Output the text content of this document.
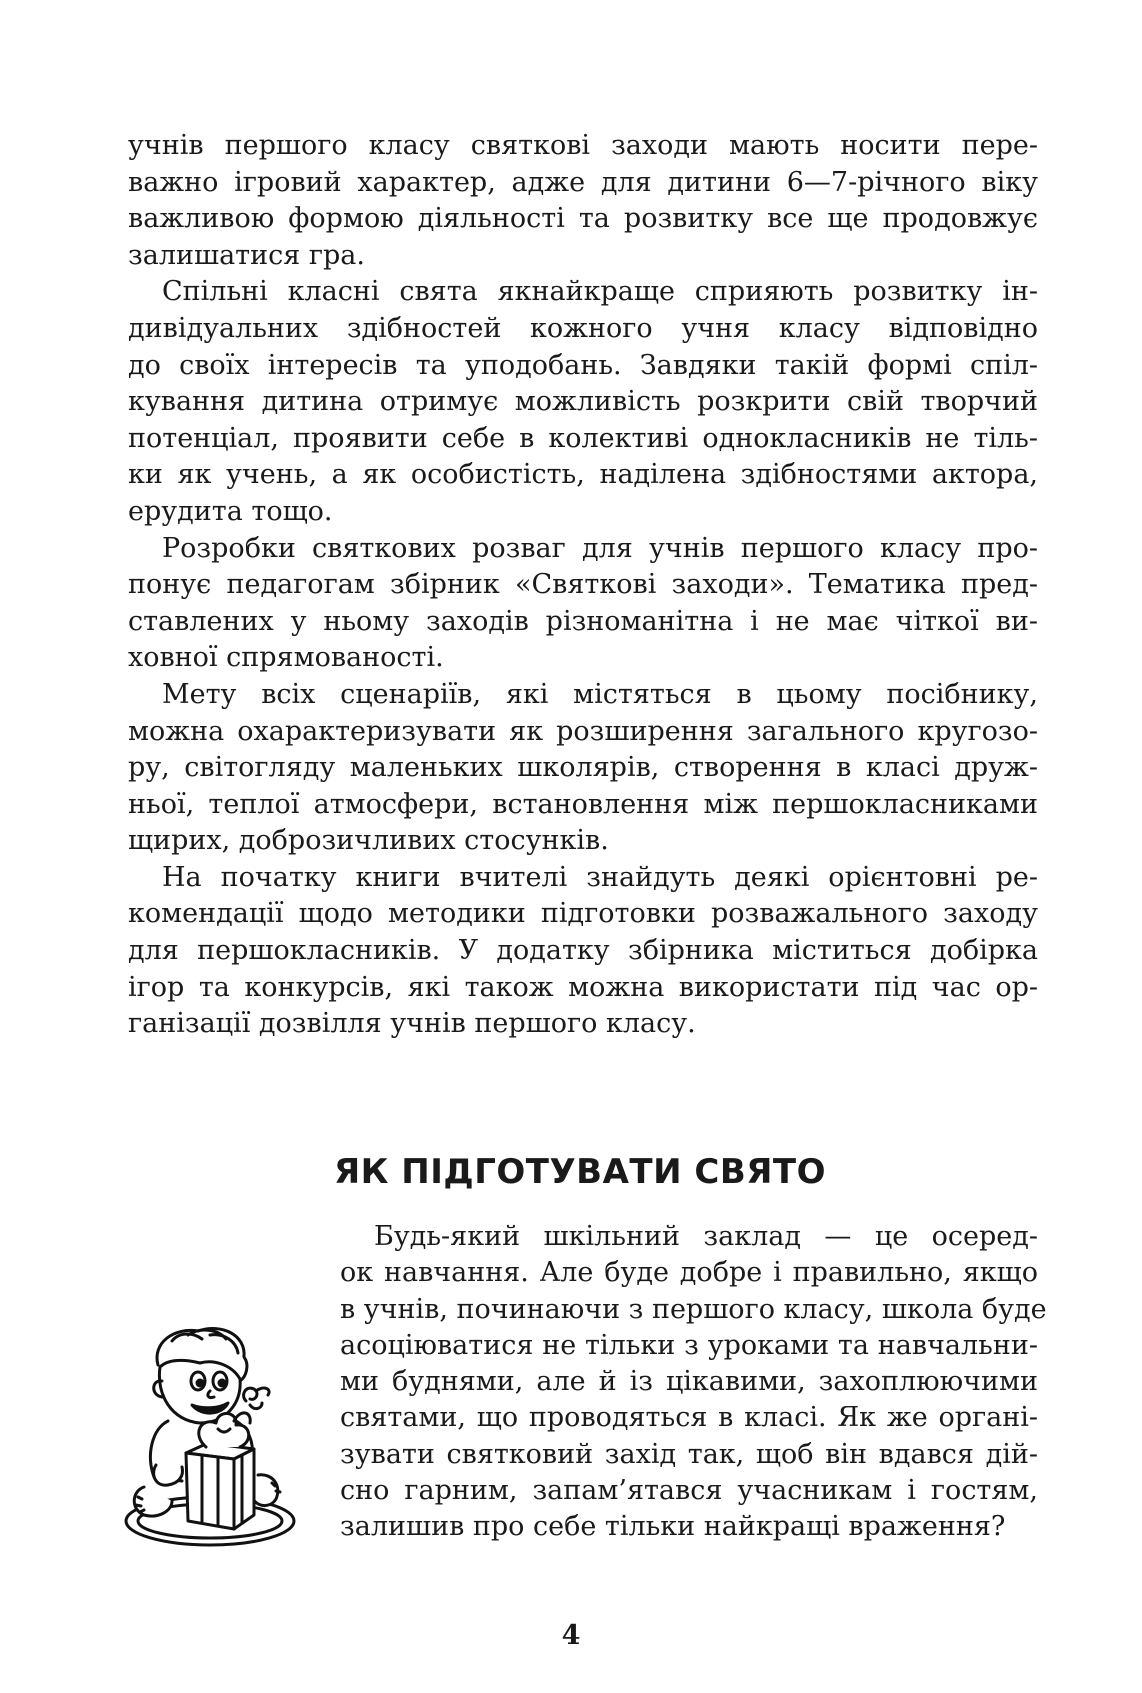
учнів першого класу святкові заходи мають носити пере-
важно ігровий характер, адже для дитини 6—7-річного віку
важливою формою діяльності та розвитку все ще продовжує
залишатися гра.
Спільні класні свята якнайкраще сприяють розвитку ін-
дивідуальних здібностей кожного учня класу відповідно
до своїх інтересів та уподобань. Завдяки такій формі спіл-
кування дитина отримує можливість розкрити свій творчий
потенціал, проявити себе в колективі однокласників не тіль-
ки як учень, а як особистість, наділена здібностями актора,
ерудита тощо.
Розробки святкових розваг для учнів першого класу про-
понує педагогам збірник «Святкові заходи». Тематика пред-
ставлених у ньому заходів різноманітна і не має чіткої ви-
ховної спрямованості.
Мету всіх сценаріїв, які містяться в цьому посібнику,
можна охарактеризувати як розширення загального кругозо-
ру, світогляду маленьких школярів, створення в класі друж-
ньої, теплої атмосфери, встановлення між першокласниками
щирих, доброзичливих стосунків.
На початку книги вчителі знайдуть деякі орієнтовні ре-
комендації щодо методики підготовки розважального заходу
для першокласників. У додатку збірника міститься добірка
ігор та конкурсів, які також можна використати під час ор-
ганізації дозвілля учнів першого класу.
ЯК ПІДГОТУВАТИ СВЯТО
Будь-який шкільний заклад — це осеред-
ок навчання. Але буде добре і правильно, якщо
в учнів, починаючи з першого класу, школа буде
асоціюватися не тільки з уроками та навчальни-
ми буднями, але й із цікавими, захоплюючими
святами, що проводяться в класі. Як же органі-
зувати святковий захід так, щоб він вдався дій-
сно гарним, запам’ятався учасникам і гостям,
залишив про себе тільки найкращі враження?
4
